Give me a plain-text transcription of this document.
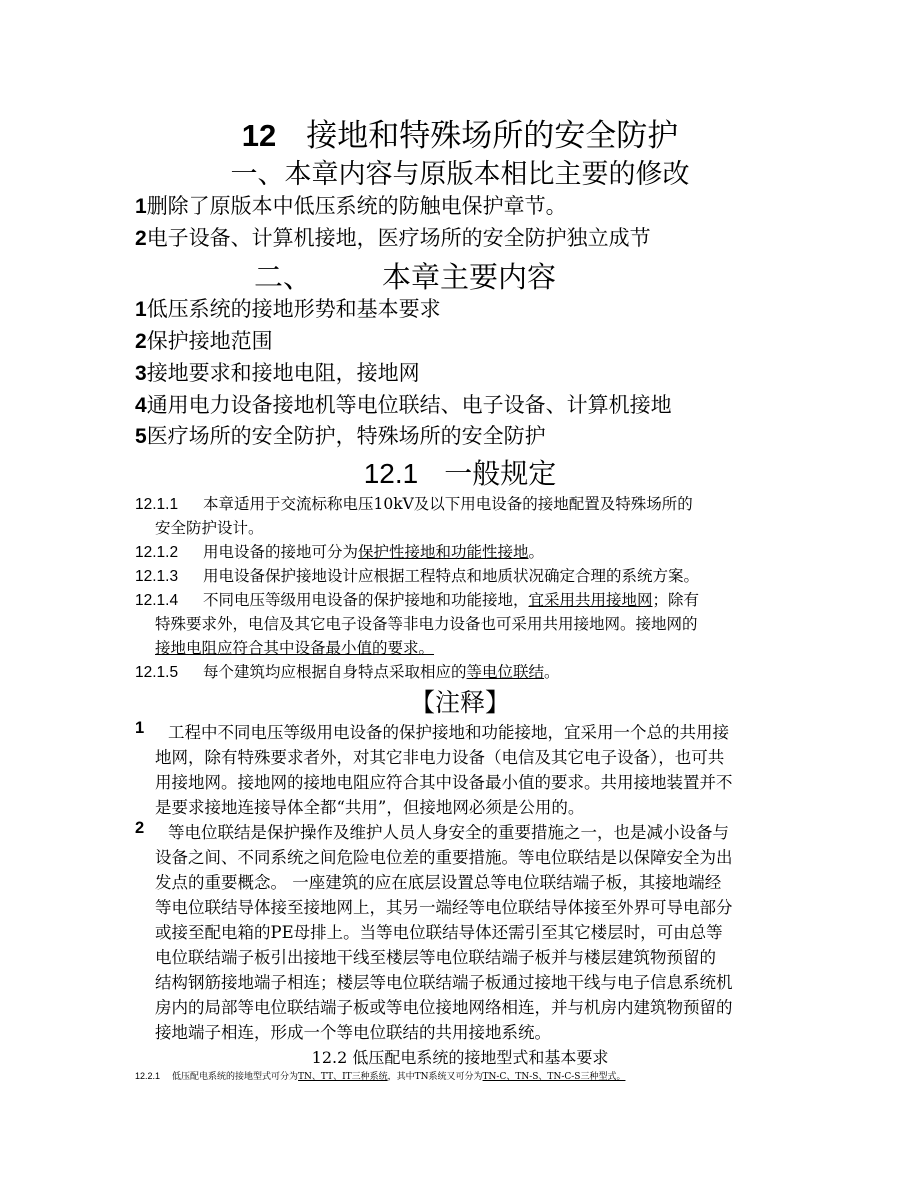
12 接地和特殊场所的安全防护
一、本章内容与原版本相比主要的修改
1删除了原版本中低压系统的防触电保护章节。
2电子设备、计算机接地，医疗场所的安全防护独立成节
二、 本章主要内容
1低压系统的接地形势和基本要求
2保护接地范围
3接地要求和接地电阻，接地网
4通用电力设备接地机等电位联结、电子设备、计算机接地
5医疗场所的安全防护，特殊场所的安全防护
12.1 一般规定
12.1.1 本章适用于交流标称电压10kV及以下用电设备的接地配置及特殊场所的
安全防护设计。
12.1.2 用电设备的接地可分为保护性接地和功能性接地。
12.1.3 用电设备保护接地设计应根据工程特点和地质状况确定合理的系统方案。
12.1.4 不同电压等级用电设备的保护接地和功能接地，宜采用共用接地网；除有
特殊要求外，电信及其它电子设备等非电力设备也可采用共用接地网。接地网的
接地电阻应符合其中设备最小值的要求。
12.1.5 每个建筑均应根据自身特点采取相应的等电位联结。
【注释】
1 工程中不同电压等级用电设备的保护接地和功能接地，宜采用一个总的共用接
地网，除有特殊要求者外，对其它非电力设备（电信及其它电子设备），也可共
用接地网。接地网的接地电阻应符合其中设备最小值的要求。共用接地装置并不
是要求接地连接导体全都“共用”，但接地网必须是公用的。
2 等电位联结是保护操作及维护人员人身安全的重要措施之一，也是减小设备与
设备之间、不同系统之间危险电位差的重要措施。等电位联结是以保障安全为出
发点的重要概念。 一座建筑的应在底层设置总等电位联结端子板，其接地端经
等电位联结导体接至接地网上，其另一端经等电位联结导体接至外界可导电部分
或接至配电箱的PE母排上。当等电位联结导体还需引至其它楼层时，可由总等
电位联结端子板引出接地干线至楼层等电位联结端子板并与楼层建筑物预留的
结构钢筋接地端子相连；楼层等电位联结端子板通过接地干线与电子信息系统机
房内的局部等电位联结端子板或等电位接地网络相连，并与机房内建筑物预留的
接地端子相连，形成一个等电位联结的共用接地系统。
12.2 低压配电系统的接地型式和基本要求
12.2.1 低压配电系统的接地型式可分为TN、TT、IT三种系统，其中TN系统又可分为TN-C、TN-S、TN-C-S三种型式。
